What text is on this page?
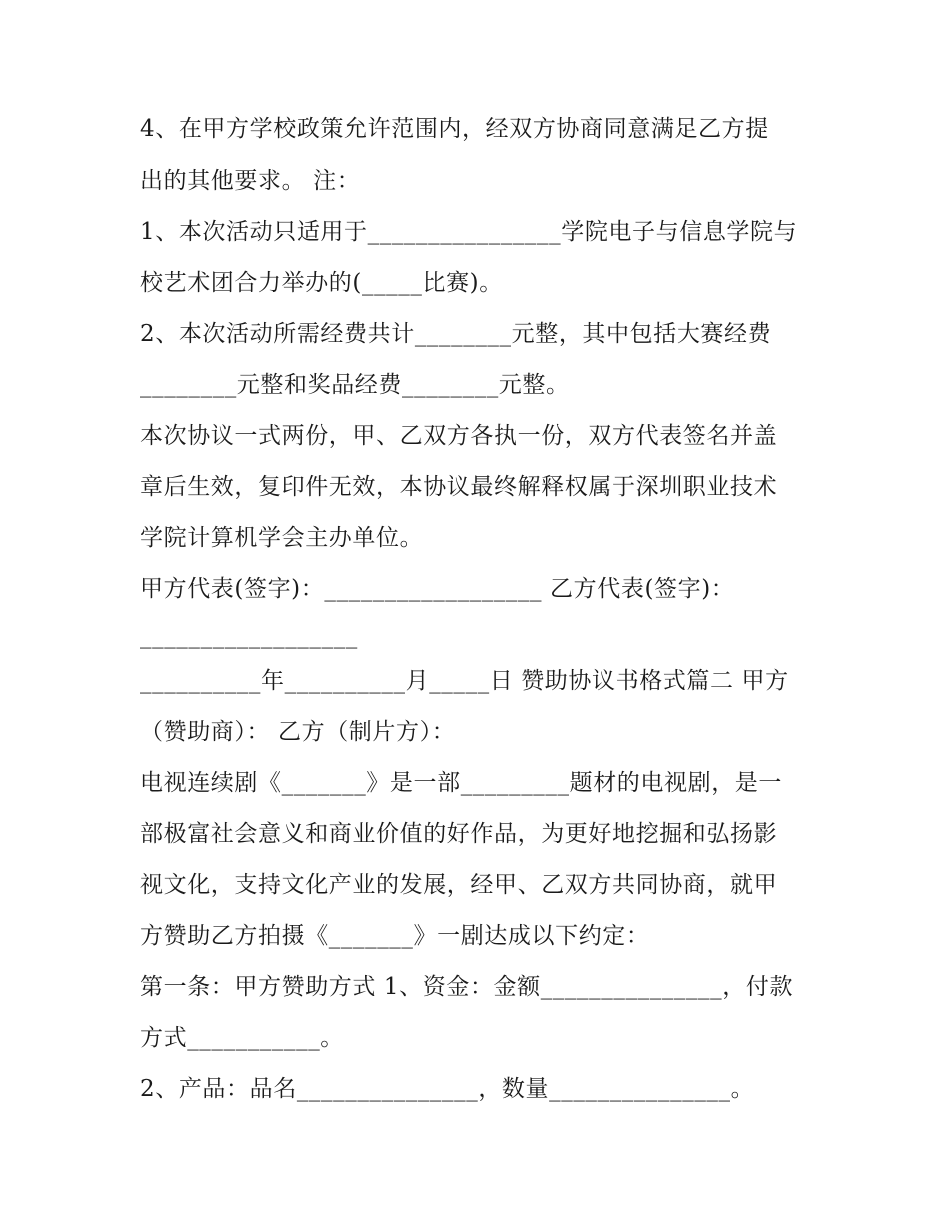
4、在甲方学校政策允许范围内，经双方协商同意满足乙方提
出的其他要求。 注：
1、本次活动只适用于________________学院电子与信息学院与
校艺术团合力举办的(_____比赛)。
2、本次活动所需经费共计________元整，其中包括大赛经费
________元整和奖品经费________元整。
本次协议一式两份，甲、乙双方各执一份，双方代表签名并盖
章后生效，复印件无效，本协议最终解释权属于深圳职业技术
学院计算机学会主办单位。
甲方代表(签字)：__________________ 乙方代表(签字)：
__________________
__________年__________月_____日 赞助协议书格式篇二 甲方
（赞助商）： 乙方（制片方）：
电视连续剧《_______》是一部_________题材的电视剧，是一
部极富社会意义和商业价值的好作品，为更好地挖掘和弘扬影
视文化，支持文化产业的发展，经甲、乙双方共同协商，就甲
方赞助乙方拍摄《_______》一剧达成以下约定：
第一条：甲方赞助方式 1、资金：金额_______________，付款
方式___________。
2、产品：品名_______________，数量_______________。
